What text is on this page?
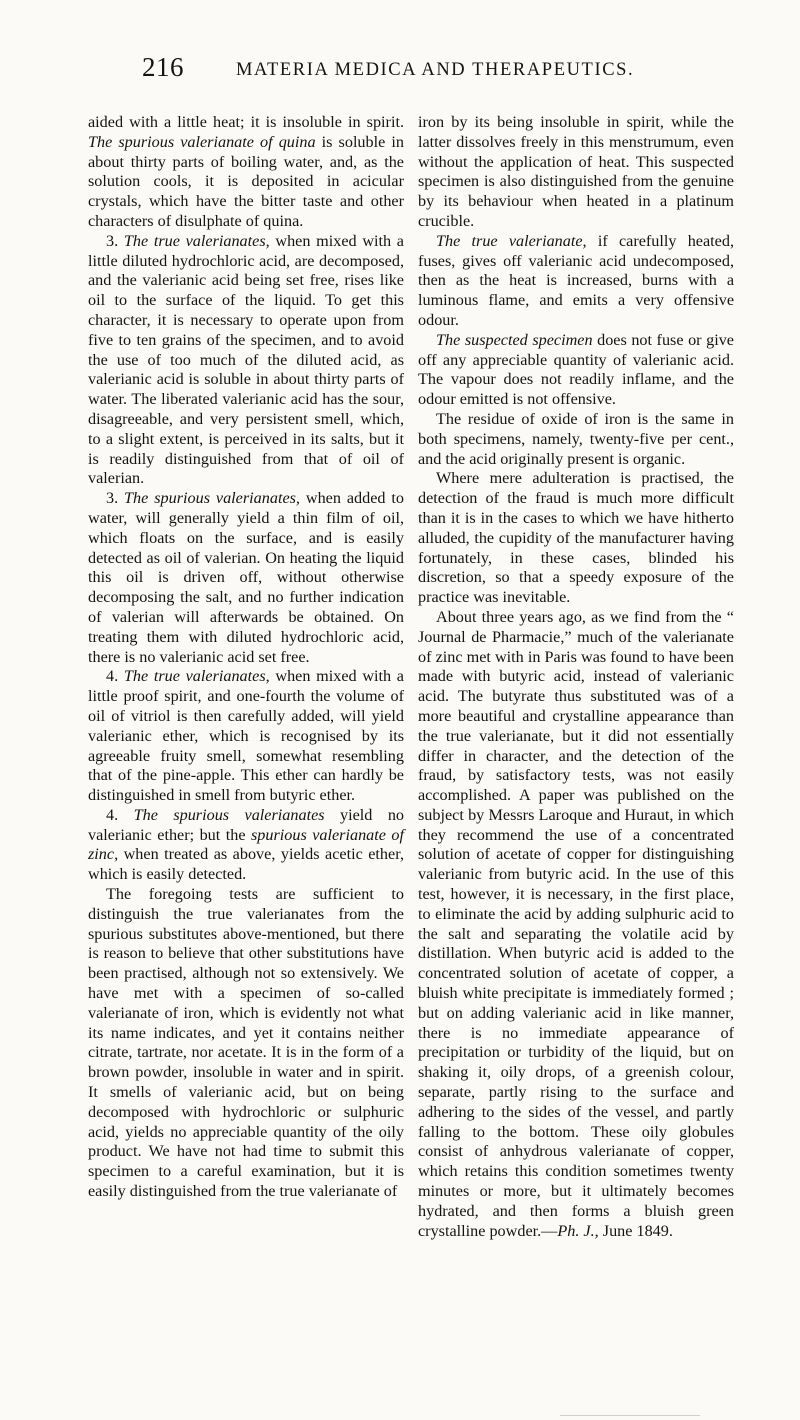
216	MATERIA MEDICA AND THERAPEUTICS.

aided with a little heat; it is insoluble in spirit. The spurious valerianate of quina is soluble in about thirty parts of boiling water, and, as the solution cools, it is deposited in acicular crystals, which have the bitter taste and other characters of disulphate of quina.

3. The true valerianates, when mixed with a little diluted hydrochloric acid, are decomposed, and the valerianic acid being set free, rises like oil to the surface of the liquid. To get this character, it is necessary to operate upon from five to ten grains of the specimen, and to avoid the use of too much of the diluted acid, as valerianic acid is soluble in about thirty parts of water. The liberated valerianic acid has the sour, disagreeable, and very persistent smell, which, to a slight extent, is perceived in its salts, but it is readily distinguished from that of oil of valerian.

3. The spurious valerianates, when added to water, will generally yield a thin film of oil, which floats on the surface, and is easily detected as oil of valerian. On heating the liquid this oil is driven off, without otherwise decomposing the salt, and no further indication of valerian will afterwards be obtained. On treating them with diluted hydrochloric acid, there is no valerianic acid set free.

4. The true valerianates, when mixed with a little proof spirit, and one-fourth the volume of oil of vitriol is then carefully added, will yield valerianic ether, which is recognised by its agreeable fruity smell, somewhat resembling that of the pine-apple. This ether can hardly be distinguished in smell from butyric ether.

4. The spurious valerianates yield no valerianic ether; but the spurious valerianate of zinc, when treated as above, yields acetic ether, which is easily detected.

The foregoing tests are sufficient to distinguish the true valerianates from the spurious substitutes above-mentioned, but there is reason to believe that other substitutions have been practised, although not so extensively. We have met with a specimen of so-called valerianate of iron, which is evidently not what its name indicates, and yet it contains neither citrate, tartrate, nor acetate. It is in the form of a brown powder, insoluble in water and in spirit. It smells of valerianic acid, but on being decomposed with hydrochloric or sulphuric acid, yields no appreciable quantity of the oily product. We have not had time to submit this specimen to a careful examination, but it is easily distinguished from the true valerianate of

iron by its being insoluble in spirit, while the latter dissolves freely in this menstrumum, even without the application of heat. This suspected specimen is also distinguished from the genuine by its behaviour when heated in a platinum crucible.

The true valerianate, if carefully heated, fuses, gives off valerianic acid undecomposed, then as the heat is increased, burns with a luminous flame, and emits a very offensive odour.

The suspected specimen does not fuse or give off any appreciable quantity of valerianic acid. The vapour does not readily inflame, and the odour emitted is not offensive.

The residue of oxide of iron is the same in both specimens, namely, twenty-five per cent., and the acid originally present is organic.

Where mere adulteration is practised, the detection of the fraud is much more difficult than it is in the cases to which we have hitherto alluded, the cupidity of the manufacturer having fortunately, in these cases, blinded his discretion, so that a speedy exposure of the practice was inevitable.

About three years ago, as we find from the “ Journal de Pharmacie,” much of the valerianate of zinc met with in Paris was found to have been made with butyric acid, instead of valerianic acid. The butyrate thus substituted was of a more beautiful and crystalline appearance than the true valerianate, but it did not essentially differ in character, and the detection of the fraud, by satisfactory tests, was not easily accomplished. A paper was published on the subject by Messrs Laroque and Huraut, in which they recommend the use of a concentrated solution of acetate of copper for distinguishing valerianic from butyric acid. In the use of this test, however, it is necessary, in the first place, to eliminate the acid by adding sulphuric acid to the salt and separating the volatile acid by distillation. When butyric acid is added to the concentrated solution of acetate of copper, a bluish white precipitate is immediately formed ; but on adding valerianic acid in like manner, there is no immediate appearance of precipitation or turbidity of the liquid, but on shaking it, oily drops, of a greenish colour, separate, partly rising to the surface and adhering to the sides of the vessel, and partly falling to the bottom. These oily globules consist of anhydrous valerianate of copper, which retains this condition sometimes twenty minutes or more, but it ultimately becomes hydrated, and then forms a bluish green crystalline powder.—Ph. J., June 1849.
